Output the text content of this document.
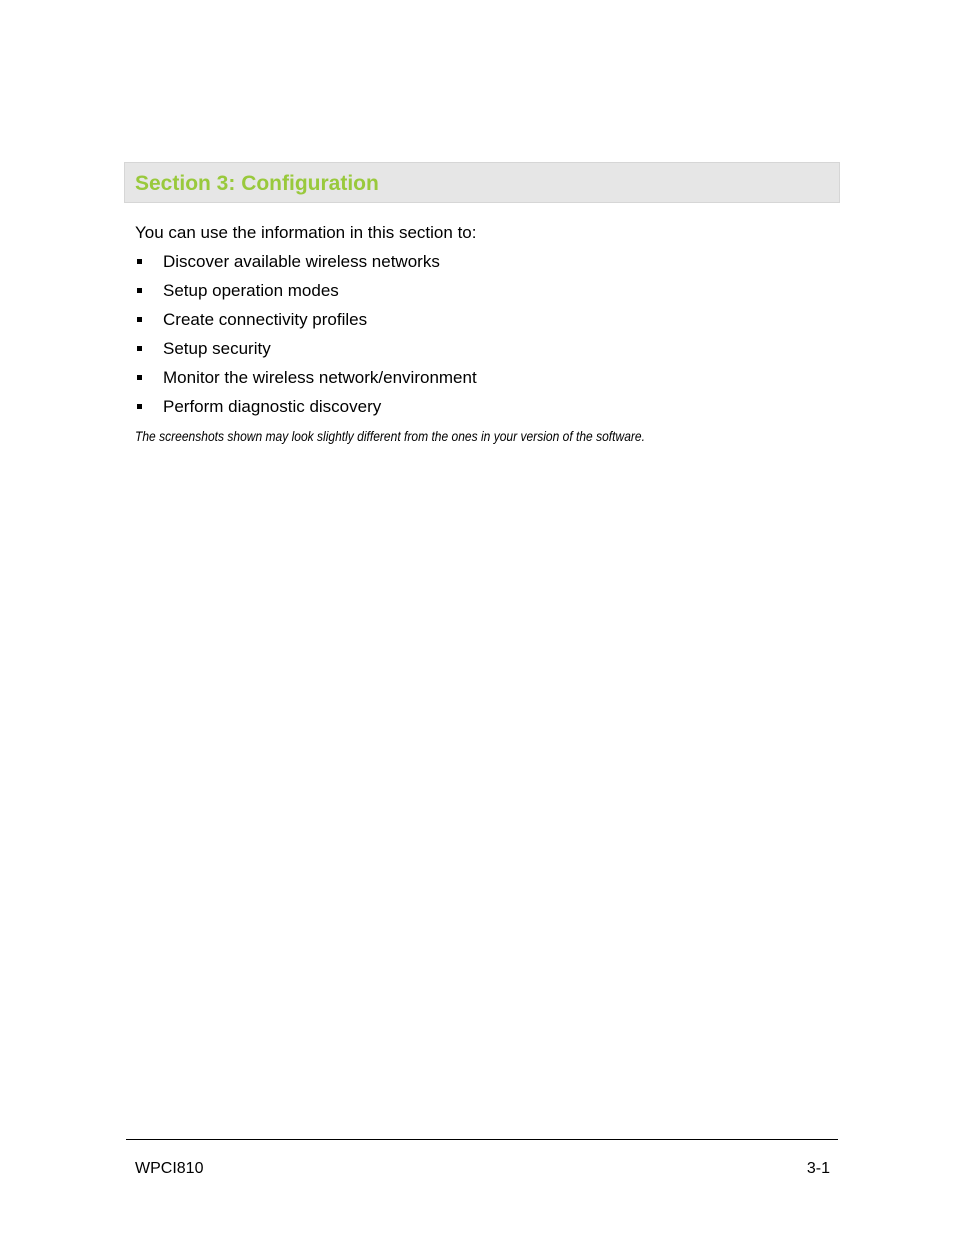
Section 3: Configuration
You can use the information in this section to:
Discover available wireless networks
Setup operation modes
Create connectivity profiles
Setup security
Monitor the wireless network/environment
Perform diagnostic discovery
The screenshots shown may look slightly different from the ones in your version of the software.
WPCI810	3-1
